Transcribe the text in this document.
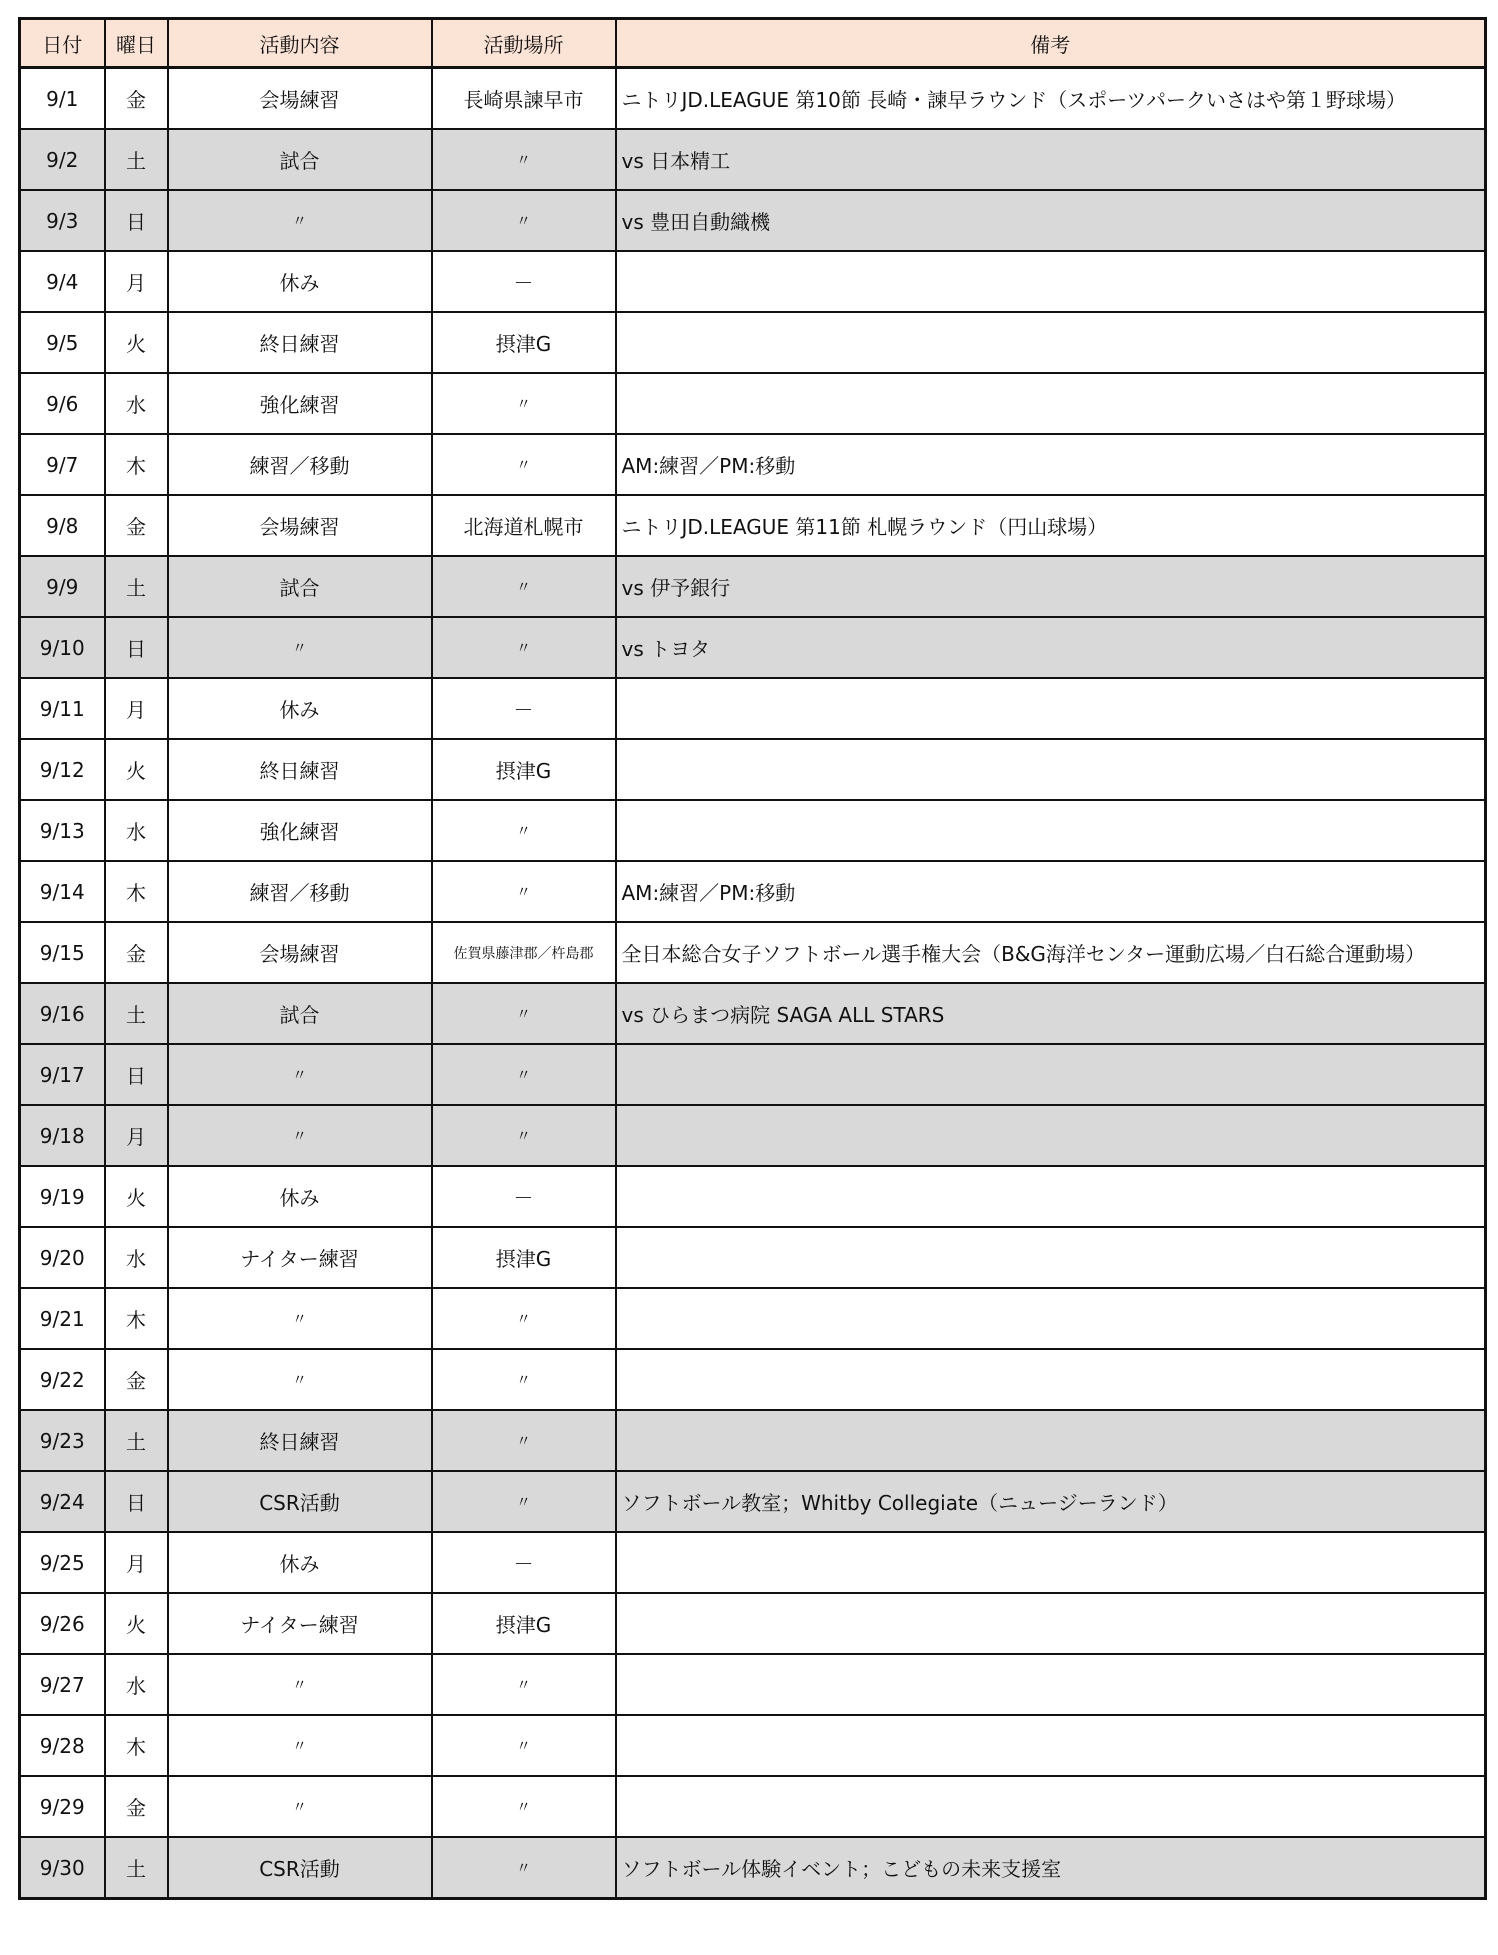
日付	曜日	活動内容	活動場所	備考
9/1	金	会場練習	長崎県諫早市	ニトリJD.LEAGUE 第10節 長崎・諫早ラウンド（スポーツパークいさはや第１野球場）
9/2	土	試合	〃	vs 日本精工
9/3	日	〃	〃	vs 豊田自動織機
9/4	月	休み	－	
9/5	火	終日練習	摂津G	
9/6	水	強化練習	〃	
9/7	木	練習／移動	〃	AM:練習／PM:移動
9/8	金	会場練習	北海道札幌市	ニトリJD.LEAGUE 第11節 札幌ラウンド（円山球場）
9/9	土	試合	〃	vs 伊予銀行
9/10	日	〃	〃	vs トヨタ
9/11	月	休み	－	
9/12	火	終日練習	摂津G	
9/13	水	強化練習	〃	
9/14	木	練習／移動	〃	AM:練習／PM:移動
9/15	金	会場練習	佐賀県藤津郡／杵島郡	全日本総合女子ソフトボール選手権大会（B&G海洋センター運動広場／白石総合運動場）
9/16	土	試合	〃	vs ひらまつ病院 SAGA ALL STARS
9/17	日	〃	〃	
9/18	月	〃	〃	
9/19	火	休み	－	
9/20	水	ナイター練習	摂津G	
9/21	木	〃	〃	
9/22	金	〃	〃	
9/23	土	終日練習	〃	
9/24	日	CSR活動	〃	ソフトボール教室；Whitby Collegiate（ニュージーランド）
9/25	月	休み	－	
9/26	火	ナイター練習	摂津G	
9/27	水	〃	〃	
9/28	木	〃	〃	
9/29	金	〃	〃	
9/30	土	CSR活動	〃	ソフトボール体験イベント；こどもの未来支援室
